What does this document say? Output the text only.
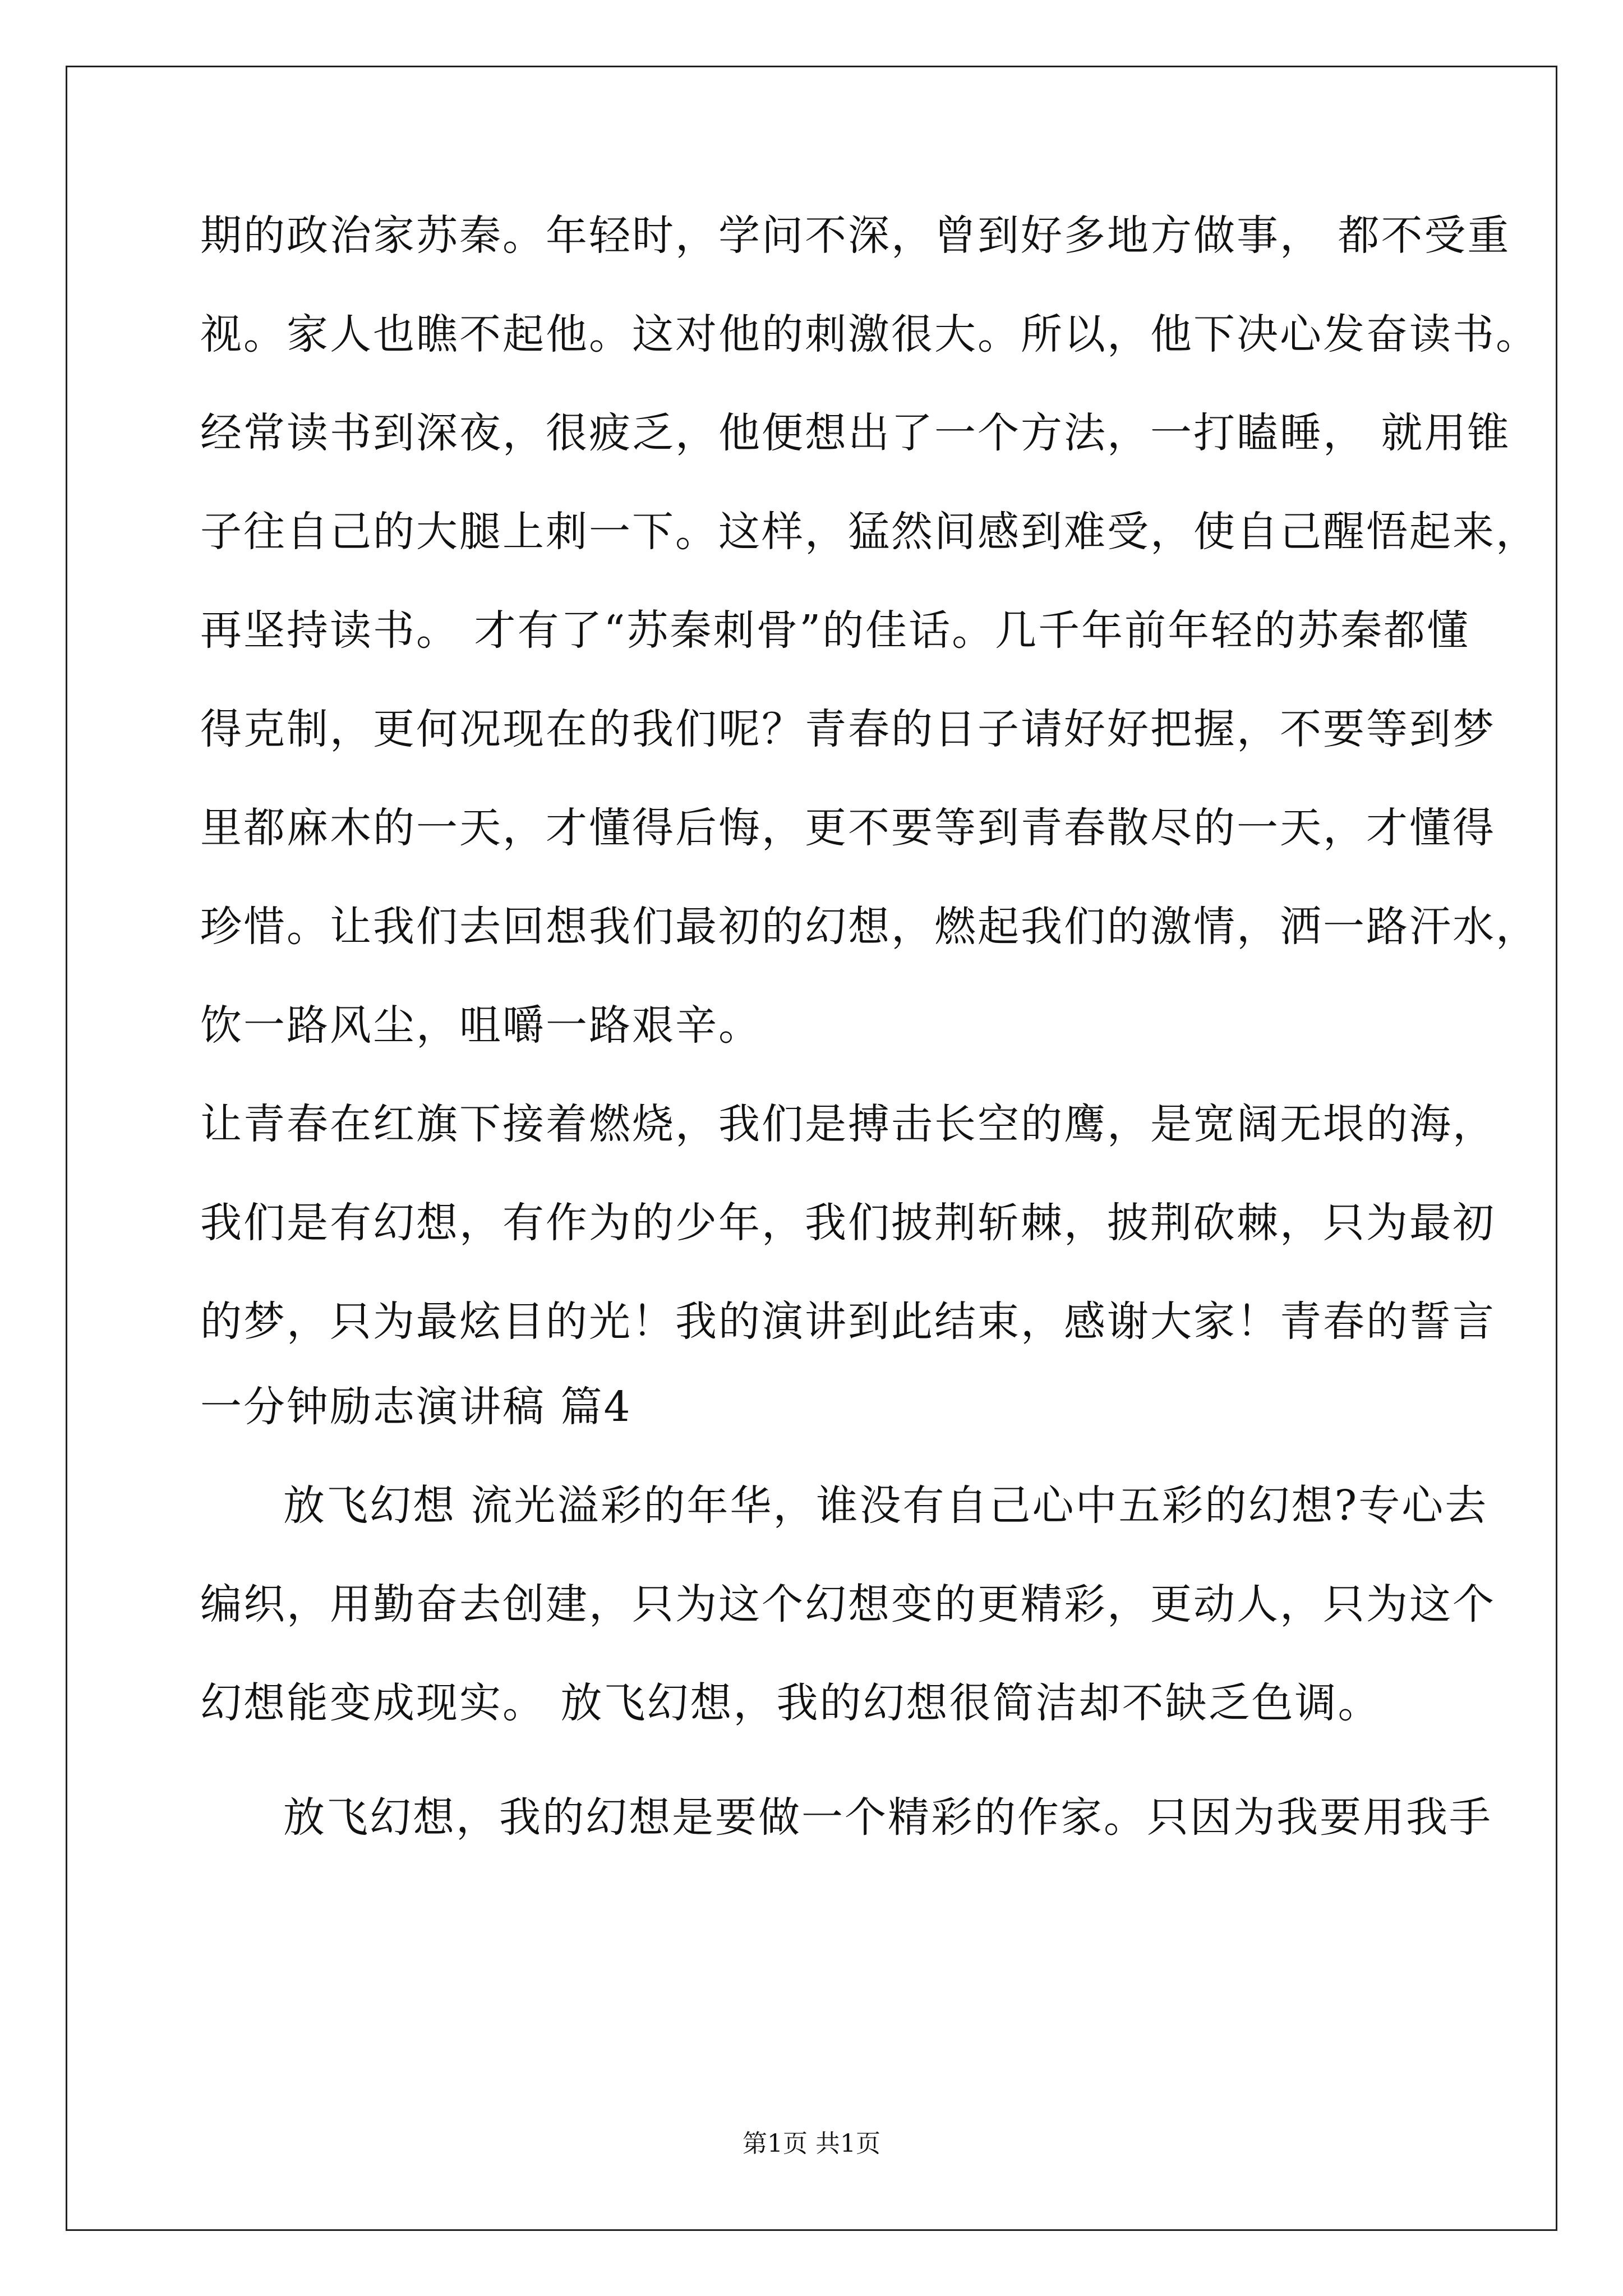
期的政治家苏秦。年轻时，学问不深，曾到好多地方做事， 都不受重
视。家人也瞧不起他。这对他的刺激很大。所以，他下决心发奋读书。
经常读书到深夜，很疲乏，他便想出了一个方法，一打瞌睡， 就用锥
子往自己的大腿上刺一下。这样，猛然间感到难受，使自己醒悟起来，
再坚持读书。 才有了“苏秦刺骨”的佳话。几千年前年轻的苏秦都懂
得克制，更何况现在的我们呢？青春的日子请好好把握，不要等到梦
里都麻木的一天，才懂得后悔，更不要等到青春散尽的一天，才懂得
珍惜。让我们去回想我们最初的幻想，燃起我们的激情，洒一路汗水，
饮一路风尘，咀嚼一路艰辛。
让青春在红旗下接着燃烧，我们是搏击长空的鹰，是宽阔无垠的海，
我们是有幻想，有作为的少年，我们披荆斩棘，披荆砍棘，只为最初
的梦，只为最炫目的光！我的演讲到此结束，感谢大家！青春的誓言
一分钟励志演讲稿 篇4
放飞幻想 流光溢彩的年华，谁没有自己心中五彩的幻想?专心去
编织，用勤奋去创建，只为这个幻想变的更精彩，更动人，只为这个
幻想能变成现实。 放飞幻想，我的幻想很简洁却不缺乏色调。
放飞幻想，我的幻想是要做一个精彩的作家。只因为我要用我手
第1页 共1页
